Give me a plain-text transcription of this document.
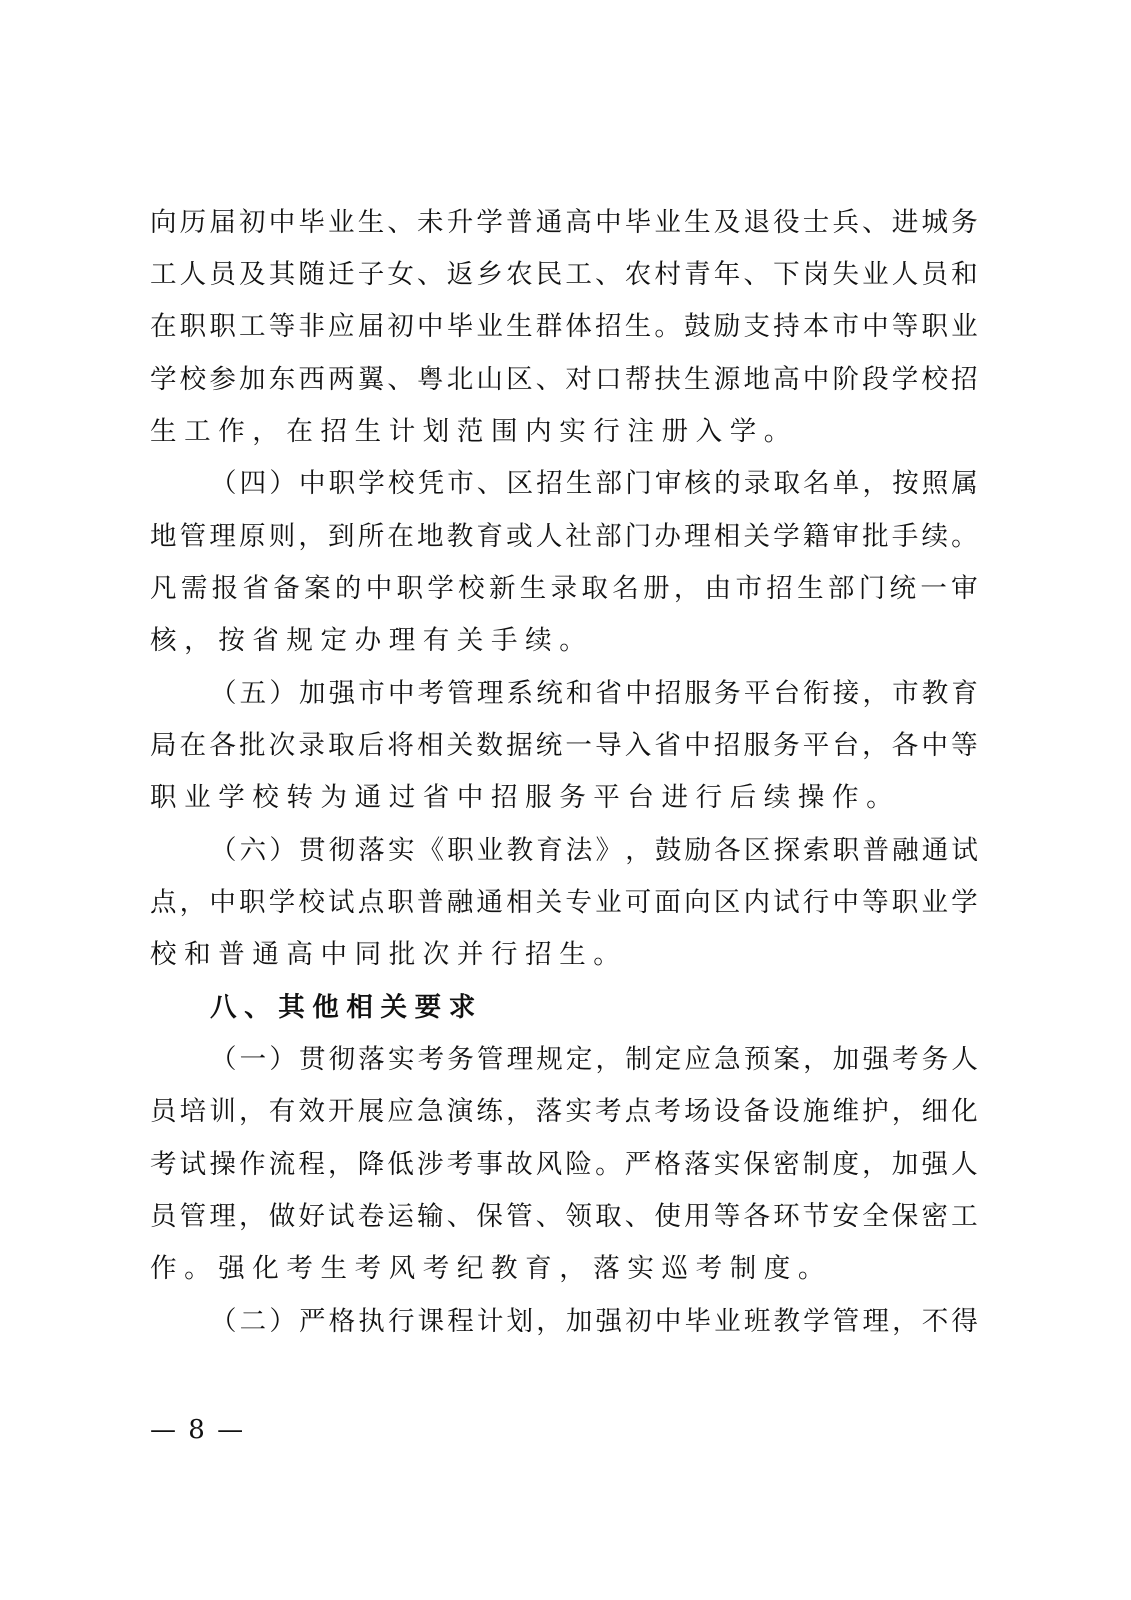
向 历 届 初 中 毕 业 生 、 未 升 学 普 通 高 中 毕 业 生 及 退 役 士 兵 、 进 城 务
工 人 员 及 其 随 迁 子 女 、 返 乡 农 民 工 、 农 村 青 年 、 下 岗 失 业 人 员 和
在 职 职 工 等 非 应 届 初 中 毕 业 生 群 体 招 生 。 鼓 励 支 持 本 市 中 等 职 业
学 校 参 加 东 西 两 翼 、 粤 北 山 区 、 对 口 帮 扶 生 源 地 高 中 阶 段 学 校 招
生工作，在招生计划范围内实行注册入学。
（ 四 ） 中 职 学 校 凭 市 、 区 招 生 部 门 审 核 的 录 取 名 单 ， 按 照 属
地 管 理 原 则 ， 到 所 在 地 教 育 或 人 社 部 门 办 理 相 关 学 籍 审 批 手 续 。
凡 需 报 省 备 案 的 中 职 学 校 新 生 录 取 名 册 ， 由 市 招 生 部 门 统 一 审
核，按省规定办理有关手续。
（ 五 ） 加 强 市 中 考 管 理 系 统 和 省 中 招 服 务 平 台 衔 接 ， 市 教 育
局 在 各 批 次 录 取 后 将 相 关 数 据 统 一 导 入 省 中 招 服 务 平 台 ， 各 中 等
职业学校转为通过省中招服务平台进行后续操作。
（ 六 ） 贯 彻 落 实 《 职 业 教 育 法 》 ， 鼓 励 各 区 探 索 职 普 融 通 试
点 ， 中 职 学 校 试 点 职 普 融 通 相 关 专 业 可 面 向 区 内 试 行 中 等 职 业 学
校和普通高中同批次并行招生。
八、其他相关要求
（ 一 ） 贯 彻 落 实 考 务 管 理 规 定 ， 制 定 应 急 预 案 ， 加 强 考 务 人
员 培 训 ， 有 效 开 展 应 急 演 练 ， 落 实 考 点 考 场 设 备 设 施 维 护 ， 细 化
考 试 操 作 流 程 ， 降 低 涉 考 事 故 风 险 。 严 格 落 实 保 密 制 度 ， 加 强 人
员 管 理 ， 做 好 试 卷 运 输 、 保 管 、 领 取 、 使 用 等 各 环 节 安 全 保 密 工
作。强化考生考风考纪教育，落实巡考制度。
（ 二 ） 严 格 执 行 课 程 计 划 ， 加 强 初 中 毕 业 班 教 学 管 理 ， 不 得
— 8 —
